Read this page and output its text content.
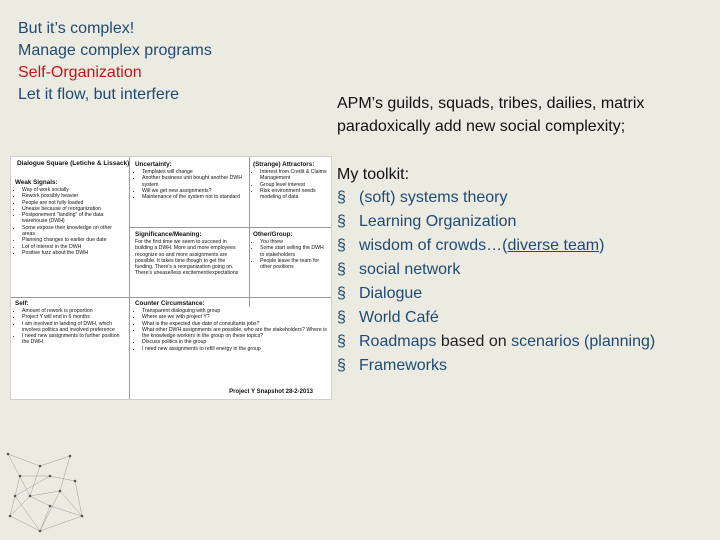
But it’s complex!
Manage complex programs
Self-Organization
Let it flow, but interfere
APM’s guilds, squads, tribes, dailies, matrix
paradoxically add new social complexity;
My toolkit:
§ (soft) systems theory
§ Learning Organization
§ wisdom of crowds…(diverse team)
§ social network
§ Dialogue
§ World Café
§ Roadmaps based on scenarios (planning)
§ Frameworks
Dialogue Square (Letiche & Lissack)
Weak Signals:
• Way of work socially
• Rework possibly heavier
• People are not fully loaded
• Unease because of reorganization
• Postponement "landing" of the data warehouse (DWH)
• Some expose their knowledge on other areas
• Planning changes to earlier due date
• Lot of interest in the DWH
• Positive fuzz about the DWH
Uncertainty:
• Templates will change
• Another business unit bought another DWH system
• Will we get new assignments?
• Maintenance of the system not to standard
(Strange) Attractors:
• Interest from Credit & Claims Management
• Group level interest
• Risk environment needs modeling of data
Significance/Meaning:
For the first time we seem to succeed in building a DWH. More and more employees recognize so and more assignments are possible. It takes time though to get the funding. There's a reorganization going on. There's unease/less excitement/expectations
Other/Group:
• You threw
• Some start selling the DWH to stakeholders
• People leave the team for other positions
Self:
• Amount of rework is proportion
• Project Y will end in 6 months
• I am involved in landing of DWH, which involves politics and involved preference
• I need new assignments to further position the DWH
Counter Circumstance:
• Transparent dialoguing with group
• Where are we with project Y?
• What is the expected due date of consultants jobs?
• What other DWH assignments are possible, who are the stakeholders? Where is the knowledge workers in the group on these topics?
• Discuss politics in the group
• I need new assignments to refill energy in the group
Project Y Snapshot 28-2-2013
